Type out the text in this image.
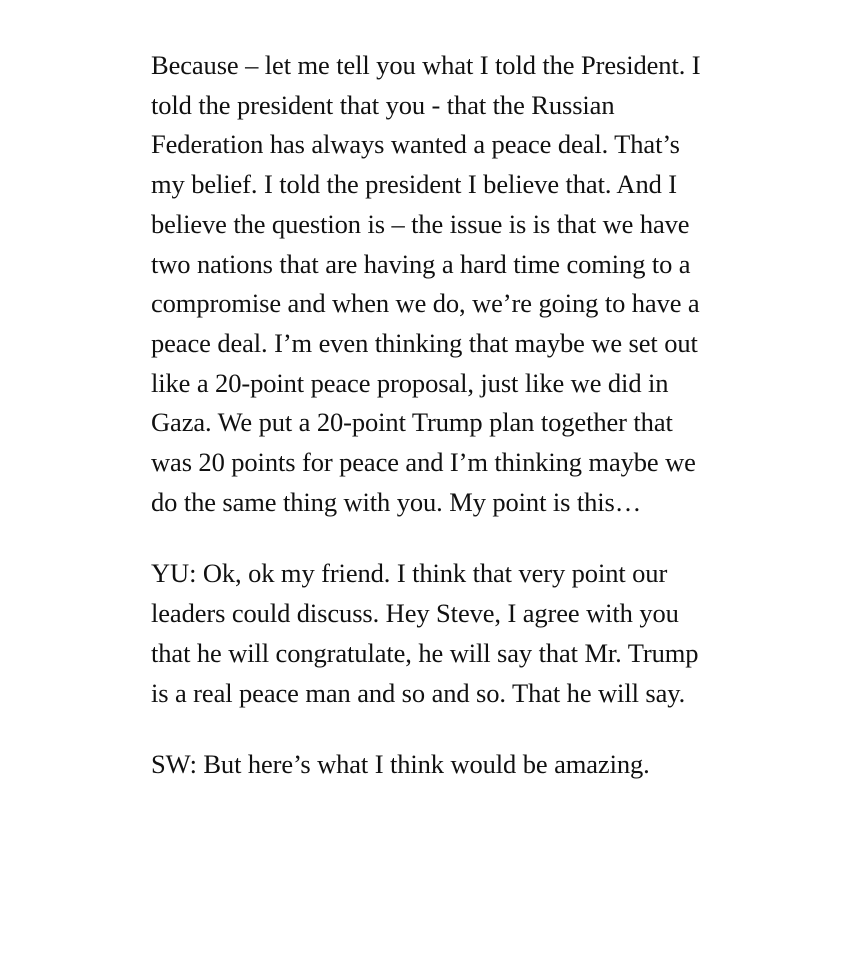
Because – let me tell you what I told the President. I told the president that you - that the Russian Federation has always wanted a peace deal. That’s my belief. I told the president I believe that. And I believe the question is – the issue is is that we have two nations that are having a hard time coming to a compromise and when we do, we’re going to have a peace deal. I’m even thinking that maybe we set out like a 20-point peace proposal, just like we did in Gaza. We put a 20-point Trump plan together that was 20 points for peace and I’m thinking maybe we do the same thing with you. My point is this…

YU: Ok, ok my friend. I think that very point our leaders could discuss. Hey Steve, I agree with you that he will congratulate, he will say that Mr. Trump is a real peace man and so and so. That he will say.

SW: But here’s what I think would be amazing.
